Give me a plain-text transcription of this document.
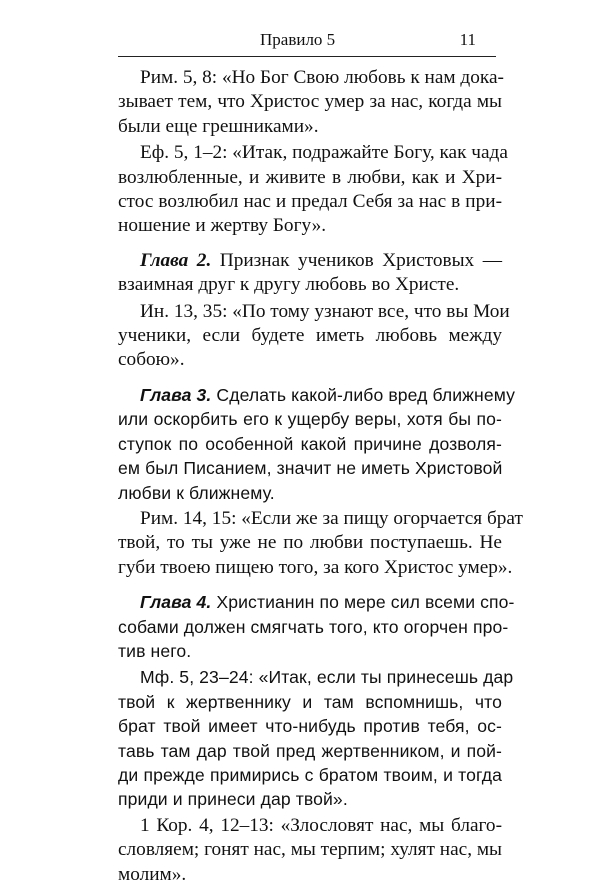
Правило 5	11
Рим. 5, 8: «Но Бог Свою любовь к нам дока-
зывает тем, что Христос умер за нас, когда мы
были еще грешниками».
Еф. 5, 1–2: «Итак, подражайте Богу, как чада
возлюбленные, и живите в любви, как и Хри-
стос возлюбил нас и предал Себя за нас в при-
ношение и жертву Богу».
Глава 2. Признак учеников Христовых —
взаимная друг к другу любовь во Христе.
Ин. 13, 35: «По тому узнают все, что вы Мои
ученики, если будете иметь любовь между
собою».
Глава 3. Сделать какой-либо вред ближнему
или оскорбить его к ущербу веры, хотя бы по-
ступок по особенной какой причине дозволя-
ем был Писанием, значит не иметь Христовой
любви к ближнему.
Рим. 14, 15: «Если же за пищу огорчается брат
твой, то ты уже не по любви поступаешь. Не
губи твоею пищею того, за кого Христос умер».
Глава 4. Христианин по мере сил всеми спо-
собами должен смягчать того, кто огорчен про-
тив него.
Мф. 5, 23–24: «Итак, если ты принесешь дар
твой к жертвеннику и там вспомнишь, что
брат твой имеет что-нибудь против тебя, ос-
тавь там дар твой пред жертвенником, и пой-
ди прежде примирись с братом твоим, и тогда
приди и принеси дар твой».
1 Кор. 4, 12–13: «Злословят нас, мы благо-
словляем; гонят нас, мы терпим; хулят нас, мы
молим».
